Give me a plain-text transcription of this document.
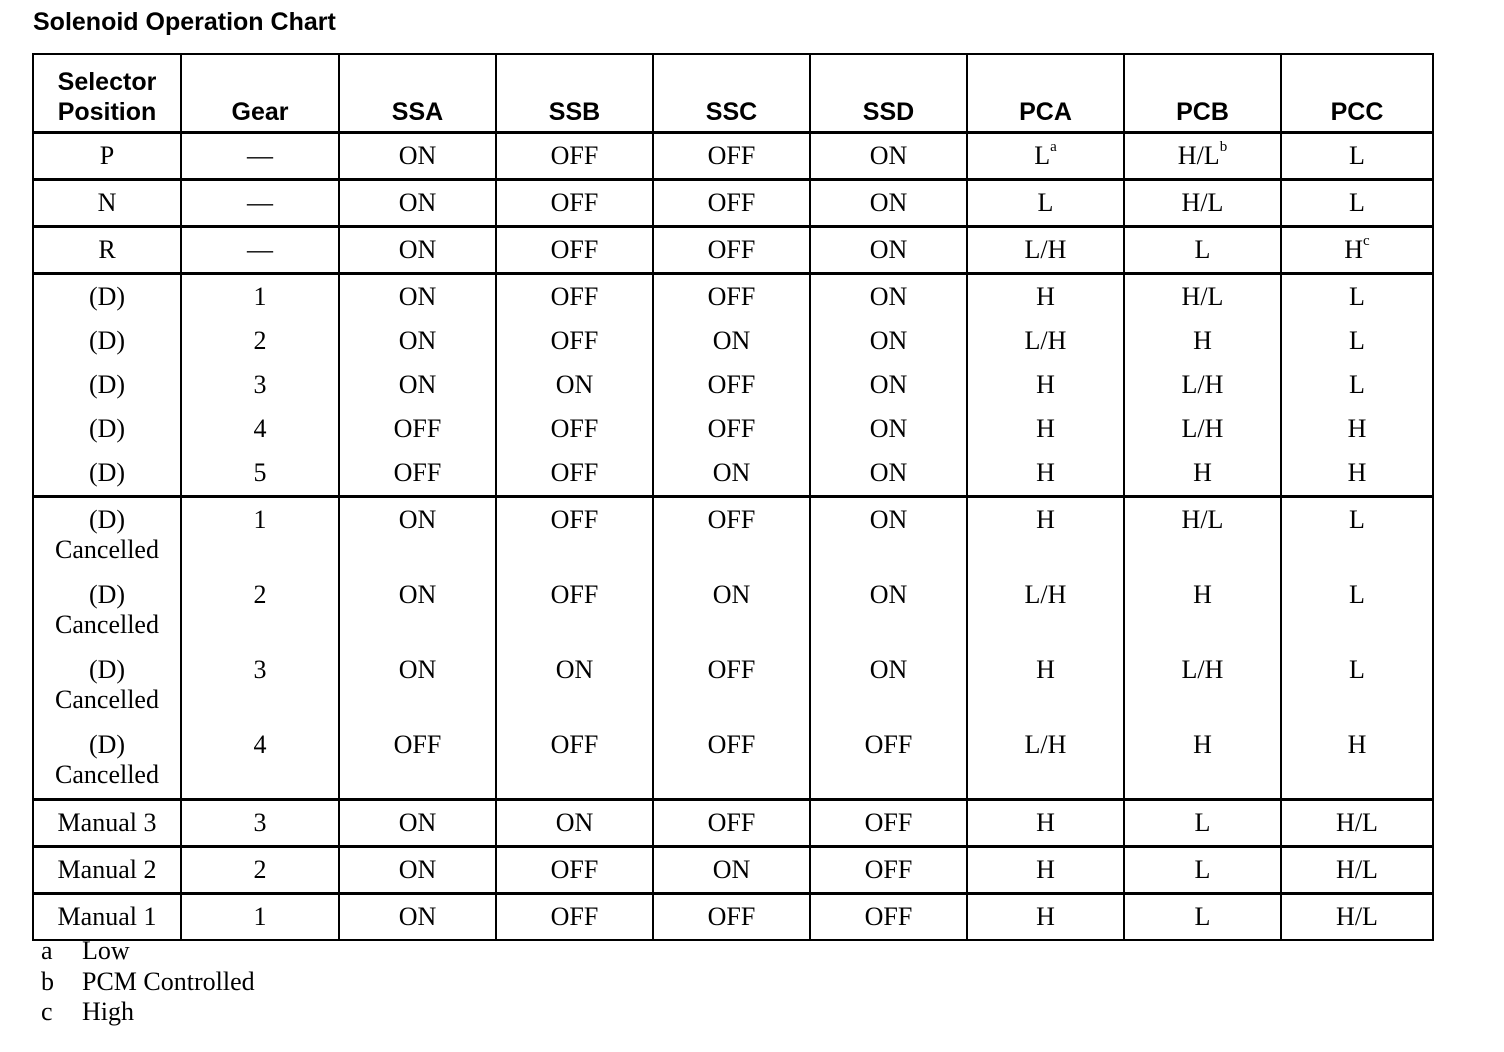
Solenoid Operation Chart
Selector
Position	Gear	SSA	SSB	SSC	SSD	PCA	PCB	PCC
P	—	ON	OFF	OFF	ON	$L^a$	$H/L^b$	L
N	—	ON	OFF	OFF	ON	L	H/L	L
R	—	ON	OFF	OFF	ON	L/H	L	$H^c$
(D)	1	ON	OFF	OFF	ON	H	H/L	L
(D)	2	ON	OFF	ON	ON	L/H	H	L
(D)	3	ON	ON	OFF	ON	H	L/H	L
(D)	4	OFF	OFF	OFF	ON	H	L/H	H
(D)	5	OFF	OFF	ON	ON	H	H	H
(D)
Cancelled	1	ON	OFF	OFF	ON	H	H/L	L
(D)
Cancelled	2	ON	OFF	ON	ON	L/H	H	L
(D)
Cancelled	3	ON	ON	OFF	ON	H	L/H	L
(D)
Cancelled	4	OFF	OFF	OFF	OFF	L/H	H	H
Manual 3	3	ON	ON	OFF	OFF	H	L	H/L
Manual 2	2	ON	OFF	ON	OFF	H	L	H/L
Manual 1	1	ON	OFF	OFF	OFF	H	L	H/L
a	Low
b	PCM Controlled
c	High
